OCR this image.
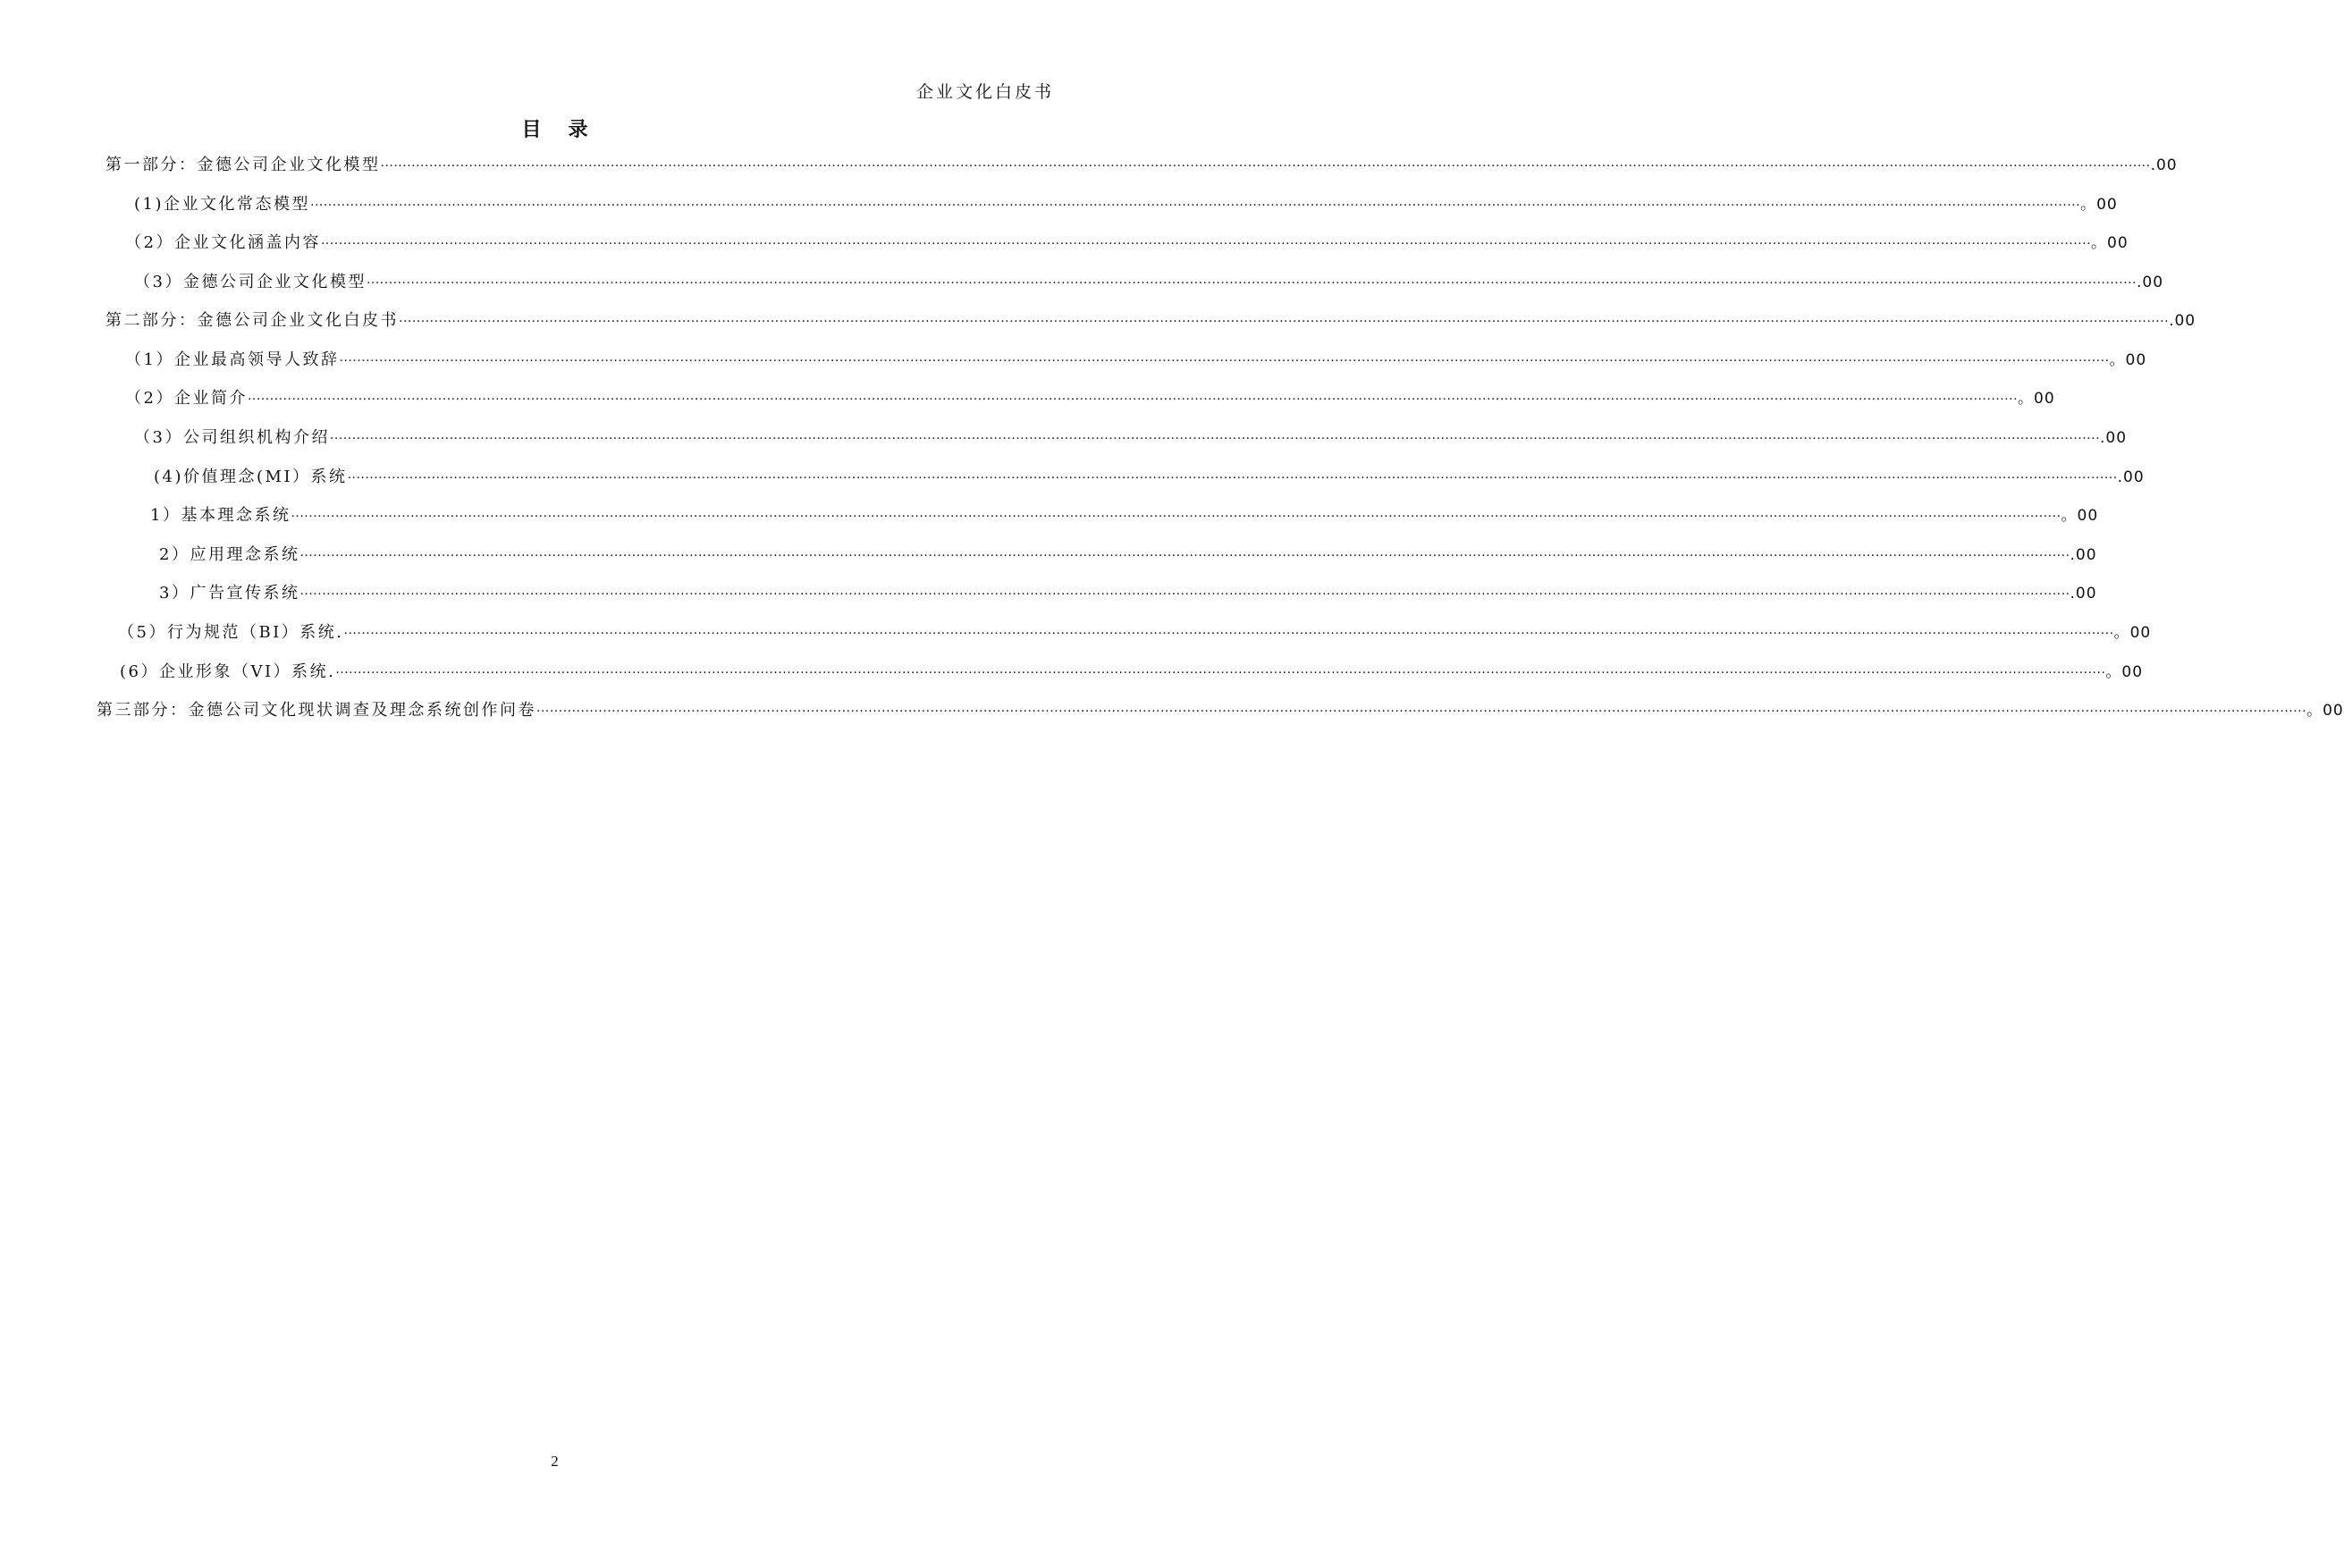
企业文化白皮书
目录
第一部分：金德公司企业文化模型 ················································································································································································································································································································································································································ .00
(1)企业文化常态模型 ················································································································································································································································································································································································································ 。00
（2）企业文化涵盖内容 ················································································································································································································································································································································································································ 。00
（3）金德公司企业文化模型 ················································································································································································································································································································································································································ .00
第二部分：金德公司企业文化白皮书 ················································································································································································································································································································································································································ .00
（1）企业最高领导人致辞 ················································································································································································································································································································································································································ 。00
（2）企业简介 ················································································································································································································································································································································································································ 。00
（3）公司组织机构介绍 ················································································································································································································································································································································································································ .00
(4)价值理念(MI）系统 ················································································································································································································································································································································································································ .00
1）基本理念系统 ················································································································································································································································································································································································································ 。00
2）应用理念系统 ················································································································································································································································································································································································································ .00
3）广告宣传系统 ················································································································································································································································································································································································································ .00
（5）行为规范（BI）系统. ················································································································································································································································································································································································································ 。00
(6）企业形象（VI）系统. ················································································································································································································································································································································································································ 。00
第三部分：金德公司文化现状调查及理念系统创作问卷 ················································································································································································································································································································································································································ 。00
2
